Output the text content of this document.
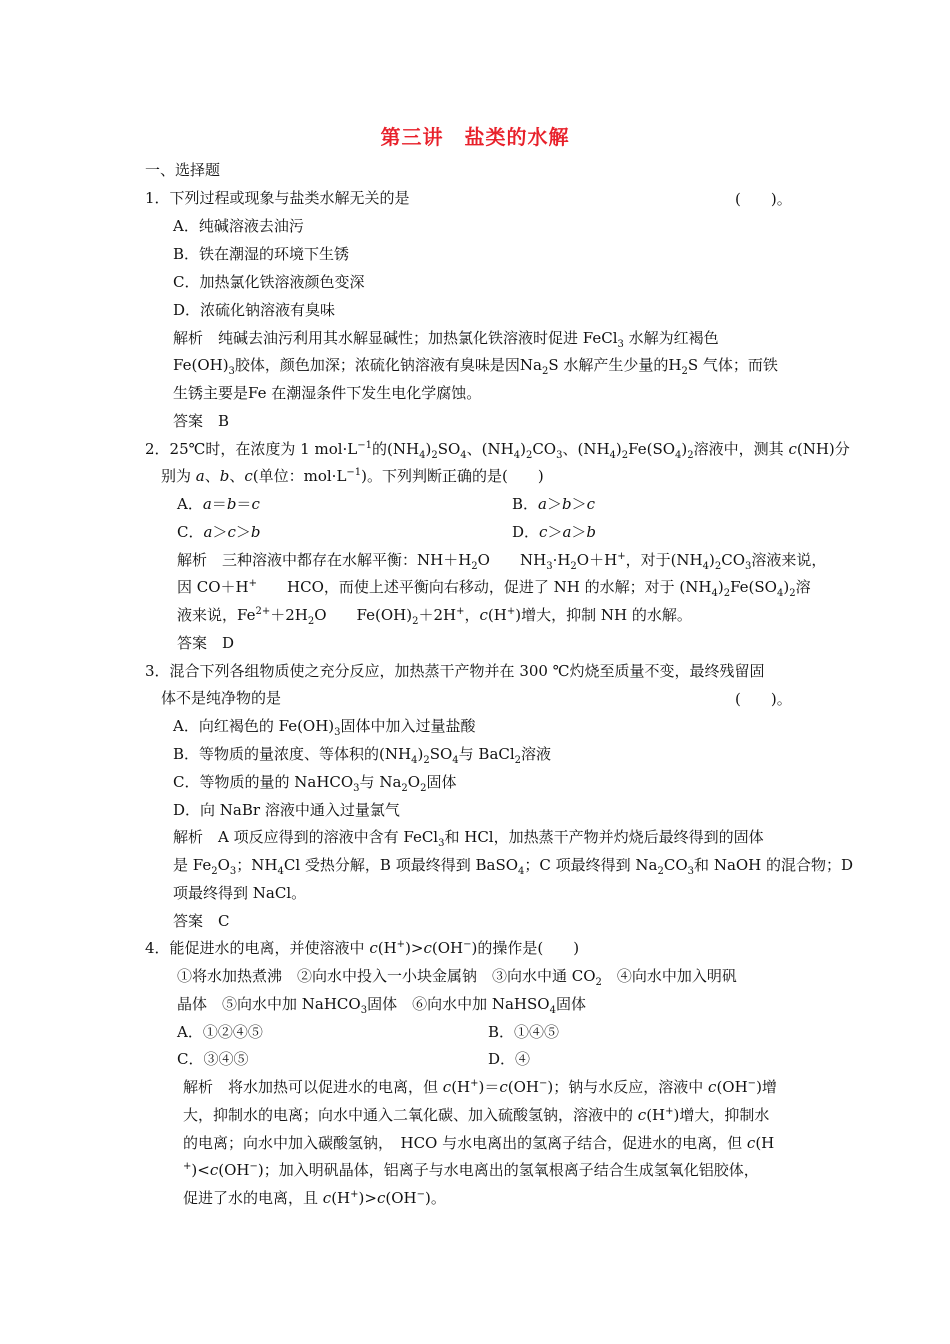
第三讲　盐类的水解
一、选择题
1．下列过程或现象与盐类水解无关的是	(　　)。
A．纯碱溶液去油污
B．铁在潮湿的环境下生锈
C．加热氯化铁溶液颜色变深
D．浓硫化钠溶液有臭味
解析　纯碱去油污利用其水解显碱性；加热氯化铁溶液时促进 FeCl$_3$ 水解为红褐色
$Fe(OH)_3$胶体，颜色加深；浓硫化钠溶液有臭味是因$Na_2S$ 水解产生少量的$H_2S$ 气体；而铁
生锈主要是Fe 在潮湿条件下发生电化学腐蚀。
答案　B
2．25℃时，在浓度为 1 $mol\cdot L^{-1}$的$(NH_4)_2SO_4$、$(NH_4)_2CO_3$、$(NH_4)_2Fe(SO_4)_2$溶液中，测其 c(NH)分
别为 a、b、c(单位：$mol\cdot L^{-1}$)。下列判断正确的是(　　)
A．a＝b＝c	B．a＞b＞c
C．a＞c＞b	D．c＞a＞b
解析　三种溶液中都存在水解平衡：$NH+H_2O$　　$NH_3\cdot H_2O+H^+$，对于$(NH_4)_2CO_3$溶液来说，
因 CO＋H+　　HCO，而使上述平衡向右移动，促进了 NH 的水解；对于 $(NH_4)_2Fe(SO_4)_2$溶
液来说，$Fe^{2+}+2H_2O$　　$Fe(OH)_2+2H^+$，c(H+)增大，抑制 NH 的水解。
答案　D
3．混合下列各组物质使之充分反应，加热蒸干产物并在 300 ℃灼烧至质量不变，最终残留固
体不是纯净物的是	(　　)。
A．向红褐色的 $Fe(OH)_3$固体中加入过量盐酸
B．等物质的量浓度、等体积的$(NH_4)_2SO_4$与 BaCl$_2$溶液
C．等物质的量的 NaHCO$_3$与 $Na_2O_2$固体
D．向 NaBr 溶液中通入过量氯气
解析　A 项反应得到的溶液中含有 FeCl$_3$和 HCl，加热蒸干产物并灼烧后最终得到的固体
是 $Fe_2O_3$；$NH_4Cl$ 受热分解，B 项最终得到 BaSO$_4$；C 项最终得到 $Na_2CO_3$和 NaOH 的混合物；D
项最终得到 NaCl。
答案　C
4．能促进水的电离，并使溶液中 c(H+)>c(OH−)的操作是(　　)
①将水加热煮沸　②向水中投入一小块金属钠　③向水中通 $CO_2$　④向水中加入明矾
晶体　⑤向水中加 NaHCO$_3$固体　⑥向水中加 NaHSO$_4$固体
A．①②④⑤	B．①④⑤
C．③④⑤	D．④
解析　将水加热可以促进水的电离，但 c(H+)＝c(OH−)；钠与水反应，溶液中 c(OH−)增
大，抑制水的电离；向水中通入二氧化碳、加入硫酸氢钠，溶液中的 c(H+)增大，抑制水
的电离；向水中加入碳酸氢钠，　HCO 与水电离出的氢离子结合，促进水的电离，但 c(H
+)<c(OH−)；加入明矾晶体，铝离子与水电离出的氢氧根离子结合生成氢氧化铝胶体，
促进了水的电离，且 c(H+)>c(OH−)。
